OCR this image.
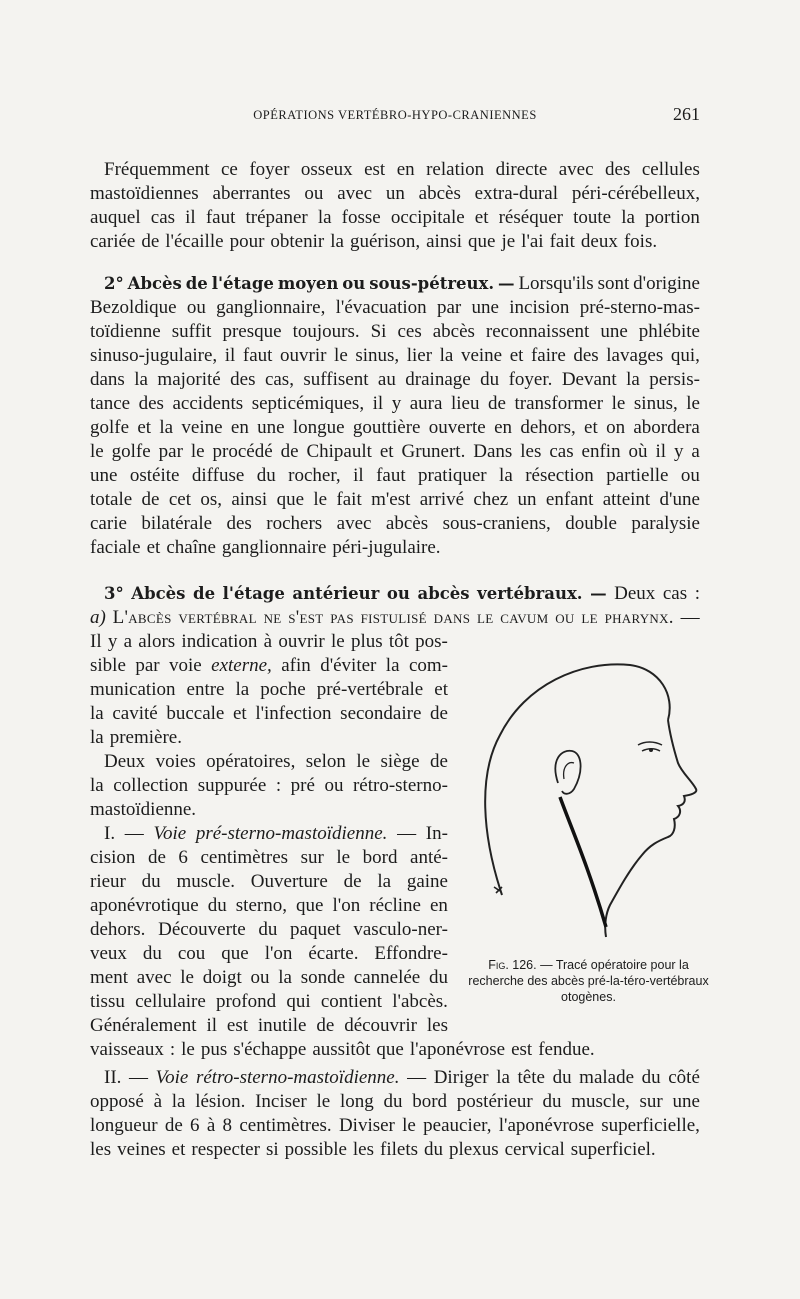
OPÉRATIONS VERTÉBRO-HYPO-CRANIENNES	261
Fréquemment ce foyer osseux est en relation directe avec des cellules
mastoïdiennes aberrantes ou avec un abcès extra-dural péri-cérébelleux,
auquel cas il faut trépaner la fosse occipitale et réséquer toute la portion
cariée de l'écaille pour obtenir la guérison, ainsi que je l'ai fait deux fois.
2° Abcès de l'étage moyen ou sous-pétreux. — Lorsqu'ils sont d'origine
Bezoldique ou ganglionnaire, l'évacuation par une incision pré-sterno-mas-
toïdienne suffit presque toujours. Si ces abcès reconnaissent une phlébite
sinuso-jugulaire, il faut ouvrir le sinus, lier la veine et faire des lavages qui,
dans la majorité des cas, suffisent au drainage du foyer. Devant la persis-
tance des accidents septicémiques, il y aura lieu de transformer le sinus, le
golfe et la veine en une longue gouttière ouverte en dehors, et on abordera
le golfe par le procédé de Chipault et Grunert. Dans les cas enfin où il y a
une ostéite diffuse du rocher, il faut pratiquer la résection partielle ou
totale de cet os, ainsi que le fait m'est arrivé chez un enfant atteint d'une
carie bilatérale des rochers avec abcès sous-craniens, double paralysie
faciale et chaîne ganglionnaire péri-jugulaire.
3° Abcès de l'étage antérieur ou abcès vertébraux. — Deux cas :
a) L'abcès vertébral ne s'est pas fistulisé dans le cavum ou le pharynx. —
Il y a alors indication à ouvrir le plus tôt pos-
sible par voie externe, afin d'éviter la com-
munication entre la poche pré-vertébrale et
la cavité buccale et l'infection secondaire de
la première.
Deux voies opératoires, selon le siège de
la collection suppurée : pré ou rétro-sterno-
mastoïdienne.
I. — Voie pré-sterno-mastoïdienne. — In-
cision de 6 centimètres sur le bord anté-
rieur du muscle. Ouverture de la gaine
aponévrotique du sterno, que l'on récline en
dehors. Découverte du paquet vasculo-ner-
veux du cou que l'on écarte. Effondre-
ment avec le doigt ou la sonde cannelée du
tissu cellulaire profond qui contient l'abcès.
Généralement il est inutile de découvrir les
vaisseaux : le pus s'échappe aussitôt que l'aponévrose est fendue.
II. — Voie rétro-sterno-mastoïdienne. — Diriger la tête du malade du côté
opposé à la lésion. Inciser le long du bord postérieur du muscle, sur une
longueur de 6 à 8 centimètres. Diviser le peaucier, l'aponévrose superficielle,
les veines et respecter si possible les filets du plexus cervical superficiel.
Fig. 126. — Tracé opératoire pour la recherche des abcès pré-la-téro-vertébraux otogènes.
